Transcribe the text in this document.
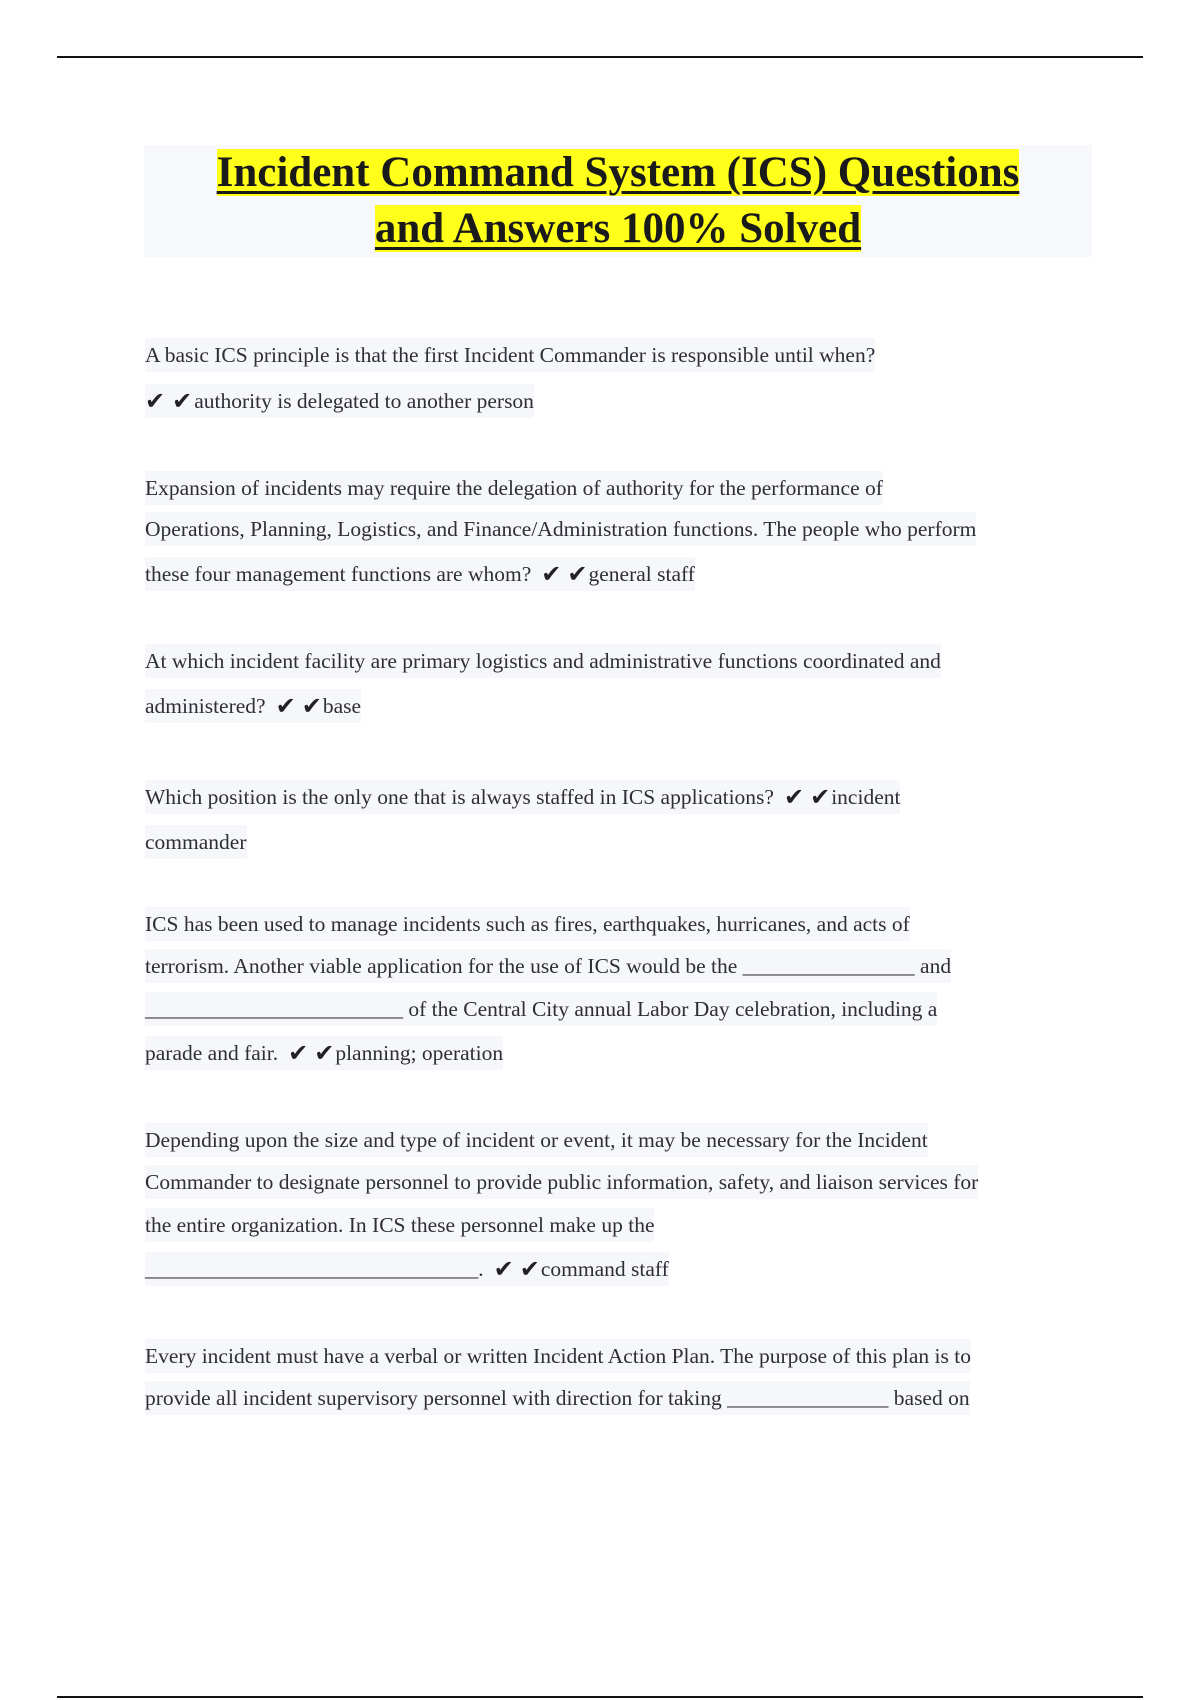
Incident Command System (ICS) Questions
and Answers 100% Solved
A basic ICS principle is that the first Incident Commander is responsible until when?
✔ ✔authority is delegated to another person
Expansion of incidents may require the delegation of authority for the performance of
Operations, Planning, Logistics, and Finance/Administration functions. The people who perform
these four management functions are whom? ✔ ✔general staff
At which incident facility are primary logistics and administrative functions coordinated and
administered? ✔ ✔base
Which position is the only one that is always staffed in ICS applications? ✔ ✔incident
commander
ICS has been used to manage incidents such as fires, earthquakes, hurricanes, and acts of
terrorism. Another viable application for the use of ICS would be the ________________ and
________________________ of the Central City annual Labor Day celebration, including a
parade and fair. ✔ ✔planning; operation
Depending upon the size and type of incident or event, it may be necessary for the Incident
Commander to designate personnel to provide public information, safety, and liaison services for
the entire organization. In ICS these personnel make up the
_______________________________. ✔ ✔command staff
Every incident must have a verbal or written Incident Action Plan. The purpose of this plan is to
provide all incident supervisory personnel with direction for taking _______________ based on
